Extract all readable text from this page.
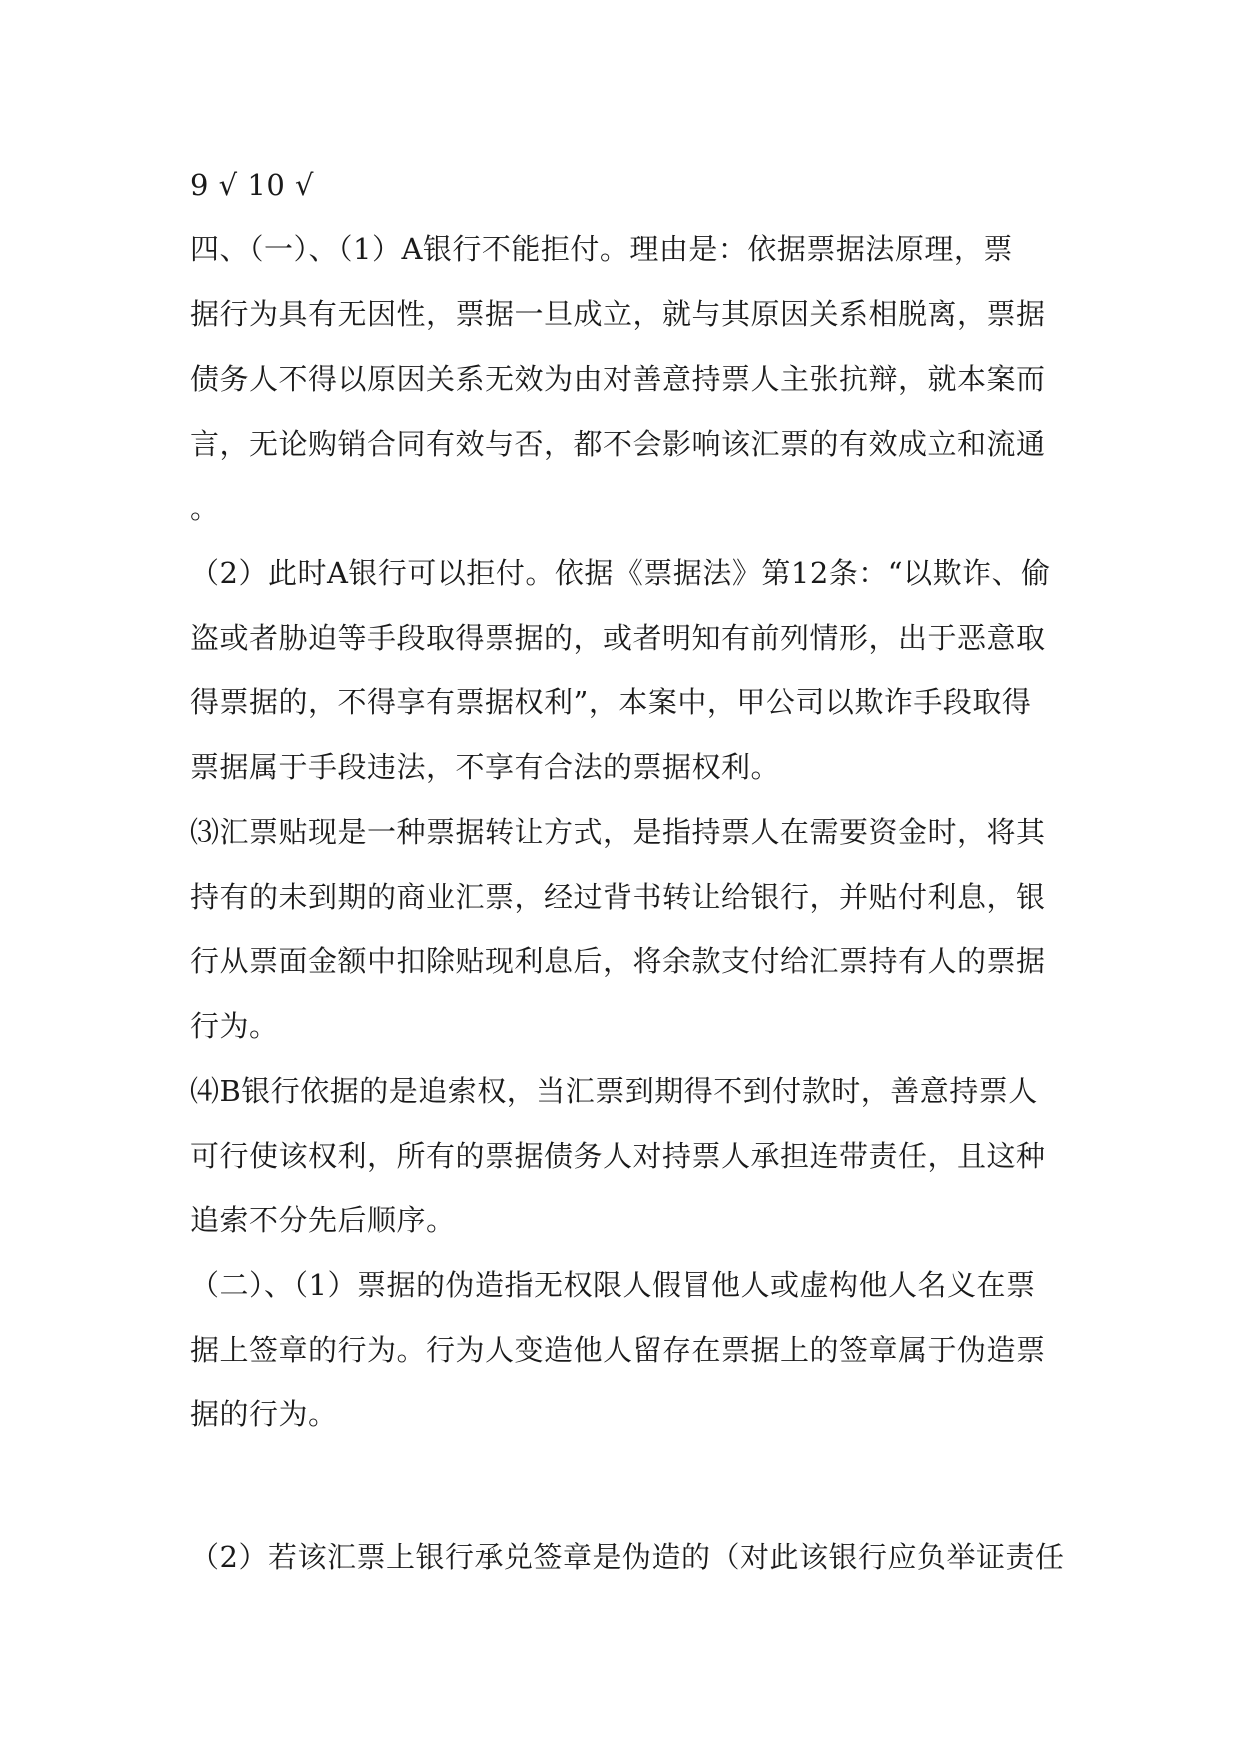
9 √ 10 √

四、（一）、（1）A银行不能拒付。理由是：依据票据法原理，票

据行为具有无因性，票据一旦成立，就与其原因关系相脱离，票据

债务人不得以原因关系无效为由对善意持票人主张抗辩，就本案而

言，无论购销合同有效与否，都不会影响该汇票的有效成立和流通

。

（2）此时A银行可以拒付。依据《票据法》第12条：“以欺诈、偷

盗或者胁迫等手段取得票据的，或者明知有前列情形，出于恶意取

得票据的，不得享有票据权利”，本案中，甲公司以欺诈手段取得

票据属于手段违法，不享有合法的票据权利。

⑶汇票贴现是一种票据转让方式，是指持票人在需要资金时，将其

持有的未到期的商业汇票，经过背书转让给银行，并贴付利息，银

行从票面金额中扣除贴现利息后，将余款支付给汇票持有人的票据

行为。

⑷B银行依据的是追索权，当汇票到期得不到付款时，善意持票人

可行使该权利，所有的票据债务人对持票人承担连带责任，且这种

追索不分先后顺序。

（二）、（1）票据的伪造指无权限人假冒他人或虚构他人名义在票

据上签章的行为。行为人变造他人留存在票据上的签章属于伪造票

据的行为。

（2）若该汇票上银行承兑签章是伪造的（对此该银行应负举证责任
